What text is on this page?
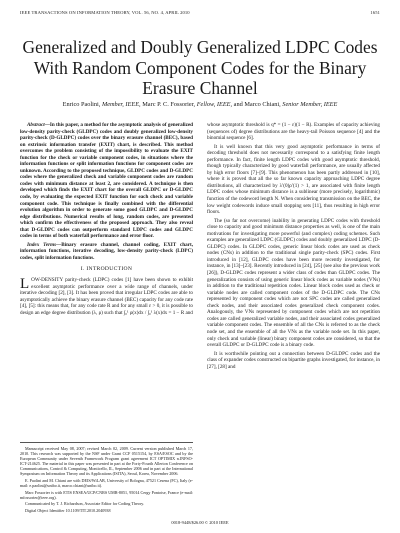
IEEE TRANSACTIONS ON INFORMATION THEORY, VOL. 56, NO. 4, APRIL 2010	1651
Generalized and Doubly Generalized LDPC Codes With Random Component Codes for the Binary Erasure Channel
Enrico Paolini, Member, IEEE, Marc P. C. Fossorier, Fellow, IEEE, and Marco Chiani, Senior Member, IEEE

Abstract—In this paper, a method for the asymptotic analysis of generalized low-density parity-check (GLDPC) codes and doubly generalized low-density parity-check (D-GLDPC) codes over the binary erasure channel (BEC), based on extrinsic information transfer (EXIT) chart, is described. This method overcomes the problem consisting of the impossibility to evaluate the EXIT function for the check or variable component codes, in situations where the information functions or split information functions for component codes are unknown. According to the proposed technique, GLDPC codes and D-GLDPC codes where the generalized check and variable component codes are random codes with minimum distance at least 2, are considered. A technique is then developed which finds the EXIT chart for the overall GLDPC or D-GLDPC code, by evaluating the expected EXIT function for each check and variable component code. This technique is finally combined with the differential evolution algorithm in order to generate some good GLDPC and D-GLDPC edge distributions. Numerical results of long, random codes, are presented which confirm the effectiveness of the proposed approach. They also reveal that D-GLDPC codes can outperform standard LDPC codes and GLDPC codes in terms of both waterfall performance and error floor.

Index Terms—Binary erasure channel, channel coding, EXIT chart, information functions, iterative decoding, low-density parity-check (LDPC) codes, split information functions.

I. INTRODUCTION

LOW-DENSITY parity-check (LDPC) codes [1] have been shown to exhibit excellent asymptotic performance over a wide range of channels, under iterative decoding [2], [3]. It has been proved that irregular LDPC codes are able to asymptotically achieve the binary erasure channel (BEC) capacity for any code rate [4], [5]: this means that, for any code rate R and for any small ε > 0, it is possible to design an edge degree distribution (λ, ρ) such that ∫₀¹ ρ(x)dx / ∫₀¹ λ(x)dx = 1 − R and

Manuscript received May 08, 2007; revised March 02, 2009. Current version published March 17, 2010. This research was supported by the NSF under Grant CCF 0515154, by ESA/ESOC and by the European Community under Seventh Framework Program grant agreement ICT OPTIMIX n.INFSO-ICT-214625. The material in this paper was presented in part at the Forty-Fourth Allerton Conference on Communications, Control & Computing, Monticello, IL, September 2006 and in part at the International Symposium on Information Theory and its Applications (ISITA), Seoul, Korea, November 2006.

E. Paolini and M. Chiani are with DEIS/WiLAB, University of Bologna, 47521 Cesena (FC), Italy (e-mail: e.paolini@unibo.it, marco.chiani@unibo.it).

Marc Fossorier is with ETIS ENSEA/UCP/CNRS UMR-8051, 95014 Cergy Pontoise, France (e-mail: mfossorier@ieee.org).

Communicated by T. J. Richardson, Associate Editor for Coding Theory.

Digital Object Identifier 10.1109/TIT.2010.2040938

whose asymptotic threshold is q* = (1 − ε)(1 − R). Examples of capacity achieving (sequences of) degree distributions are the heavy-tail Poisson sequence [4] and the binomial sequence [6].

It is well known that this very good asymptotic performance in terms of decoding threshold does not necessarily correspond to a satisfying finite length performance. In fact, finite length LDPC codes with good asymptotic threshold, though typically characterized by good waterfall performance, are usually affected by high error floors [7]–[9]. This phenomenon has been partly addressed in [10], where it is proved that all the so far known capacity approaching LDPC degree distributions, all characterized by λ′(0)ρ′(1) > 1, are associated with finite length LDPC codes whose minimum distance is a sublinear (more precisely, logarithmic) function of the codeword length N. When considering transmission on the BEC, the low weight codewords induce small stopping sets [11], thus resulting in high error floors.

The (so far not overcome) inability in generating LDPC codes with threshold close to capacity and good minimum distance properties as well, is one of the main motivations for investigating more powerful (and complex) coding schemes. Such examples are generalized LDPC (GLDPC) codes and doubly generalized LDPC (D-GLDPC) codes. In GLDPC codes, generic linear block codes are used as check nodes (CNs) in addition to the traditional single parity-check (SPC) codes. First introduced in [12], GLDPC codes have been more recently investigated, for instance, in [13]–[23]. Recently introduced in [24], [25] (see also the previous work [26]), D-GLDPC codes represent a wider class of codes than GLDPC codes. The generalization consists of using generic linear block codes as variable nodes (VNs) in addition to the traditional repetition codes. Linear block codes used as check or variable nodes are called component codes of the D-GLDPC code. The CNs represented by component codes which are not SPC codes are called generalized check nodes, and their associated codes generalized check component codes. Analogously, the VNs represented by component codes which are not repetition codes are called generalized variable nodes, and their associated codes generalized variable component codes. The ensemble of all the CNs is referred to as the check node set, and the ensemble of all the VNs as the variable node set. In this paper, only check and variable (linear) binary component codes are considered, so that the overall GLDPC or D-GLDPC code is a binary code.

It is worthwhile pointing out a connection between D-GLDPC codes and the class of expander codes constructed on bipartite graphs investigated, for instance, in [27], [28] and

0018-9448/$26.00 © 2010 IEEE
